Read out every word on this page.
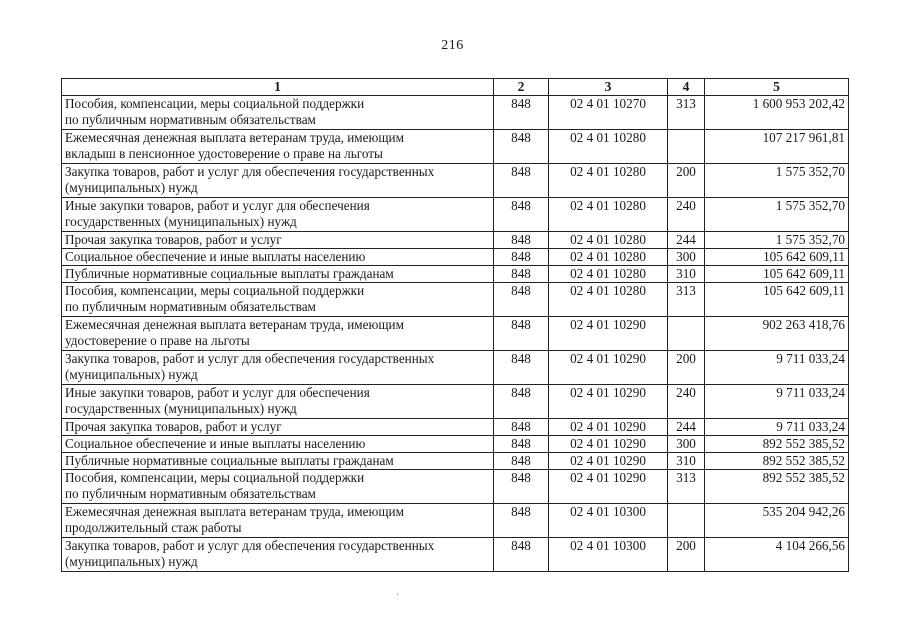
216
1	2	3	4	5
Пособия, компенсации, меры социальной поддержки
по публичным нормативным обязательствам	848	02 4 01 10270	313	1 600 953 202,42
Ежемесячная денежная выплата ветеранам труда, имеющим
вкладыш в пенсионное удостоверение о праве на льготы	848	02 4 01 10280		107 217 961,81
Закупка товаров, работ и услуг для обеспечения государственных
(муниципальных) нужд	848	02 4 01 10280	200	1 575 352,70
Иные закупки товаров, работ и услуг для обеспечения
государственных (муниципальных) нужд	848	02 4 01 10280	240	1 575 352,70
Прочая закупка товаров, работ и услуг	848	02 4 01 10280	244	1 575 352,70
Социальное обеспечение и иные выплаты населению	848	02 4 01 10280	300	105 642 609,11
Публичные нормативные социальные выплаты гражданам	848	02 4 01 10280	310	105 642 609,11
Пособия, компенсации, меры социальной поддержки
по публичным нормативным обязательствам	848	02 4 01 10280	313	105 642 609,11
Ежемесячная денежная выплата ветеранам труда, имеющим
удостоверение о праве на льготы	848	02 4 01 10290		902 263 418,76
Закупка товаров, работ и услуг для обеспечения государственных
(муниципальных) нужд	848	02 4 01 10290	200	9 711 033,24
Иные закупки товаров, работ и услуг для обеспечения
государственных (муниципальных) нужд	848	02 4 01 10290	240	9 711 033,24
Прочая закупка товаров, работ и услуг	848	02 4 01 10290	244	9 711 033,24
Социальное обеспечение и иные выплаты населению	848	02 4 01 10290	300	892 552 385,52
Публичные нормативные социальные выплаты гражданам	848	02 4 01 10290	310	892 552 385,52
Пособия, компенсации, меры социальной поддержки
по публичным нормативным обязательствам	848	02 4 01 10290	313	892 552 385,52
Ежемесячная денежная выплата ветеранам труда, имеющим
продолжительный стаж работы	848	02 4 01 10300		535 204 942,26
Закупка товаров, работ и услуг для обеспечения государственных
(муниципальных) нужд	848	02 4 01 10300	200	4 104 266,56
'
